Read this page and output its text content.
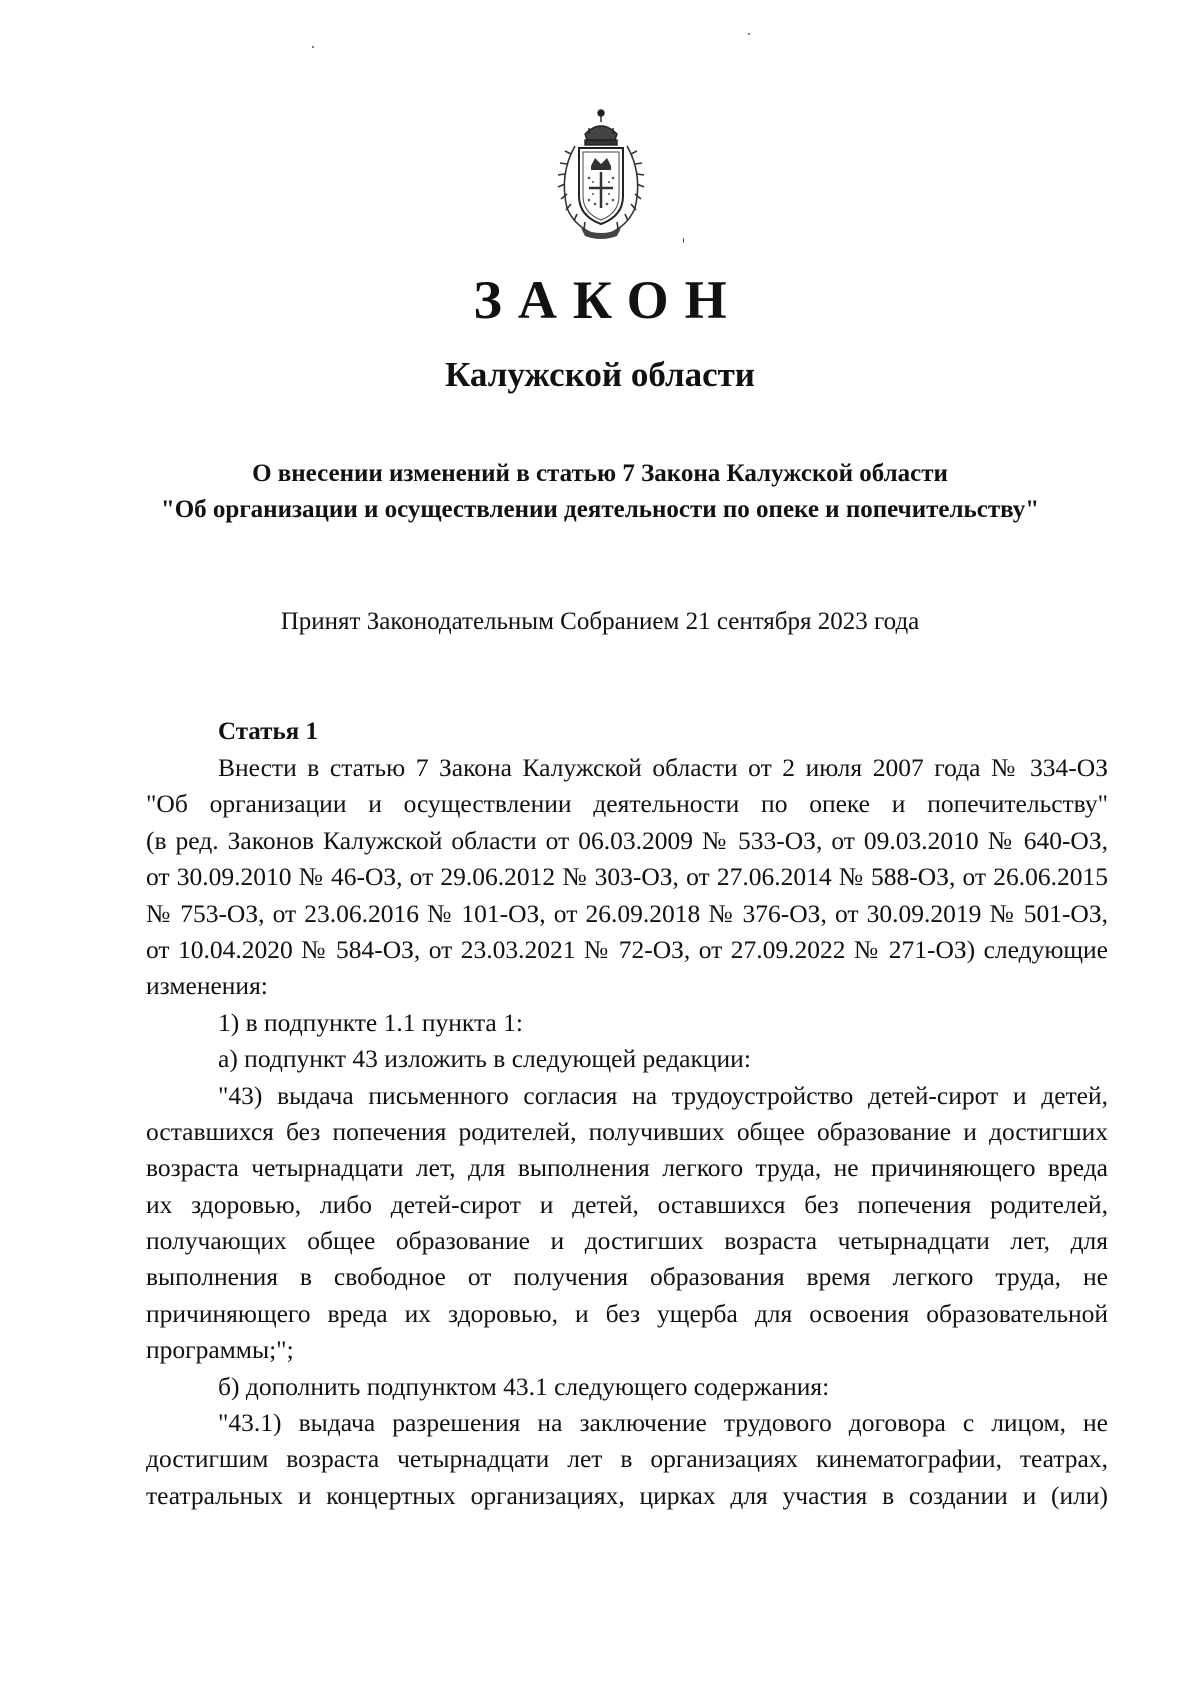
ЗАКОН
Калужской области
О внесении изменений в статью 7 Закона Калужской области
"Об организации и осуществлении деятельности по опеке и попечительству"
Принят Законодательным Собранием 21 сентября 2023 года
Статья 1
Внести в статью 7 Закона Калужской области от 2 июля 2007 года № 334-ОЗ
"Об организации и осуществлении деятельности по опеке и попечительству"
(в ред. Законов Калужской области от 06.03.2009 № 533-ОЗ, от 09.03.2010 № 640-ОЗ,
от 30.09.2010 № 46-ОЗ, от 29.06.2012 № 303-ОЗ, от 27.06.2014 № 588-ОЗ, от 26.06.2015
№ 753-ОЗ, от 23.06.2016 № 101-ОЗ, от 26.09.2018 № 376-ОЗ, от 30.09.2019 № 501-ОЗ,
от 10.04.2020 № 584-ОЗ, от 23.03.2021 № 72-ОЗ, от 27.09.2022 № 271-ОЗ) следующие
изменения:
1) в подпункте 1.1 пункта 1:
а) подпункт 43 изложить в следующей редакции:
"43) выдача письменного согласия на трудоустройство детей-сирот и детей,
оставшихся без попечения родителей, получивших общее образование и достигших
возраста четырнадцати лет, для выполнения легкого труда, не причиняющего вреда
их здоровью, либо детей-сирот и детей, оставшихся без попечения родителей,
получающих общее образование и достигших возраста четырнадцати лет, для
выполнения в свободное от получения образования время легкого труда, не
причиняющего вреда их здоровью, и без ущерба для освоения образовательной
программы;";
б) дополнить подпунктом 43.1 следующего содержания:
"43.1) выдача разрешения на заключение трудового договора с лицом, не
достигшим возраста четырнадцати лет в организациях кинематографии, театрах,
театральных и концертных организациях, цирках для участия в создании и (или)
